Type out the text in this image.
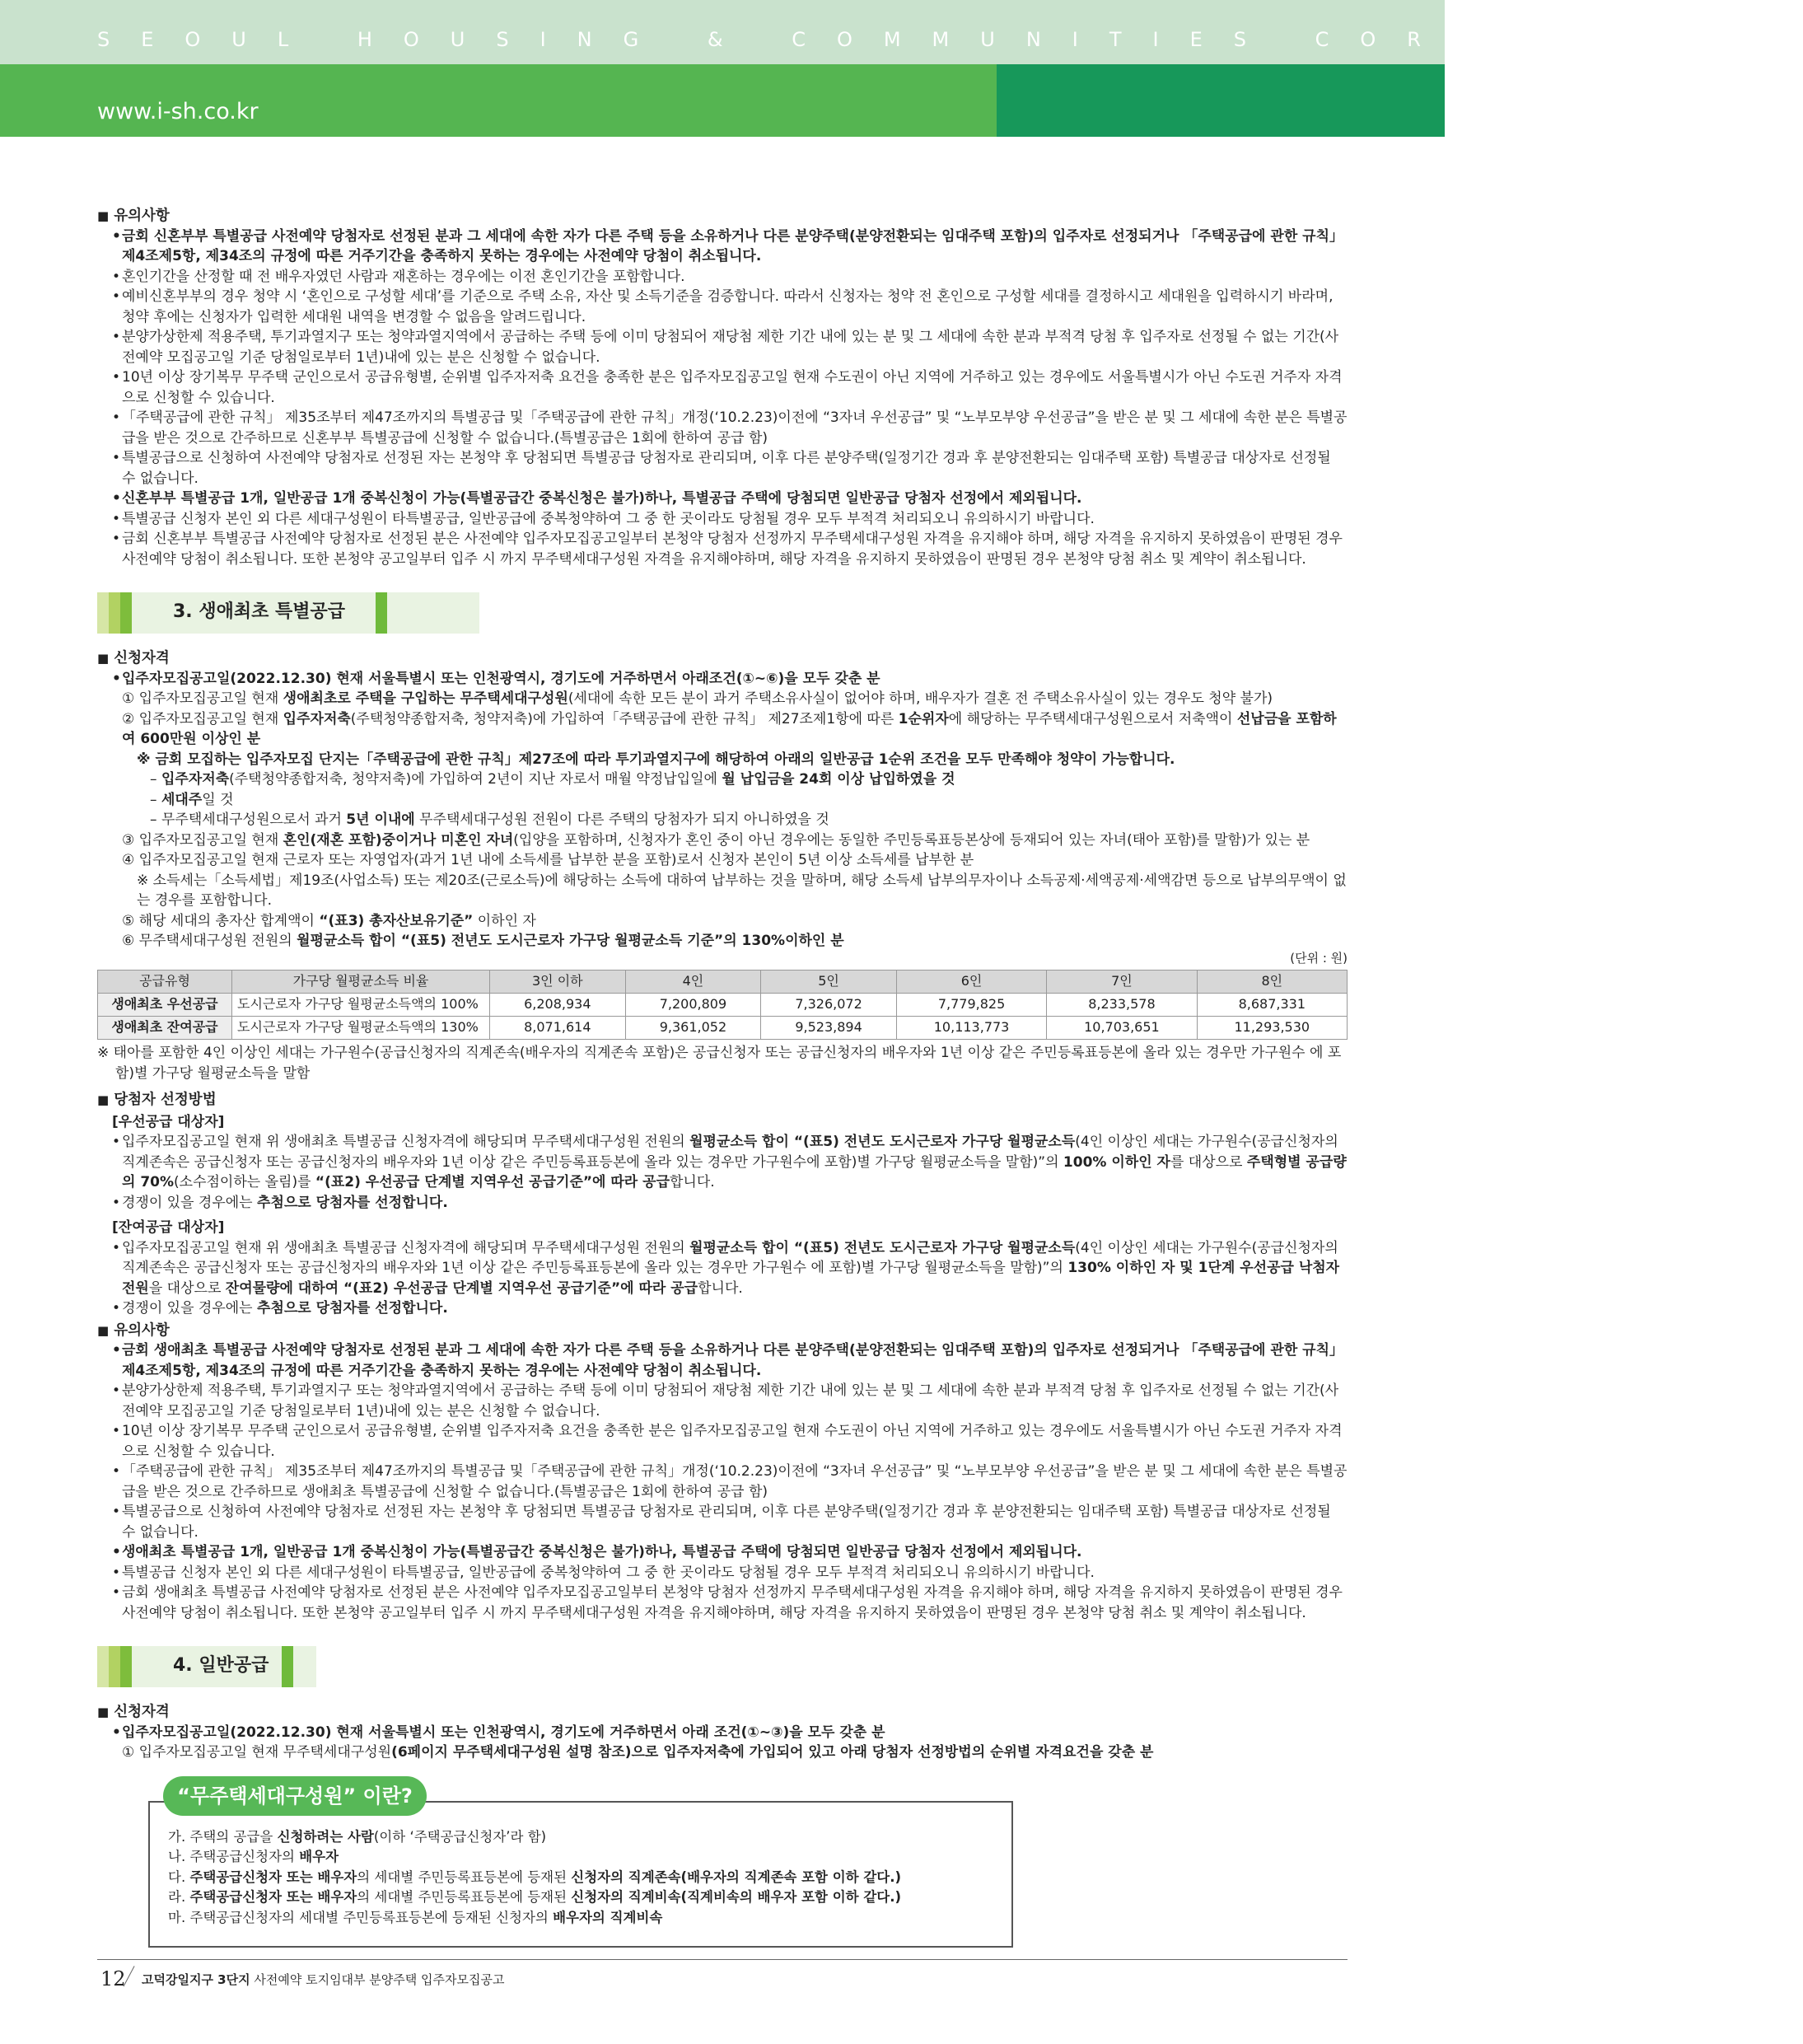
SEOUL HOUSING & COMMUNITIES CORPORATION
www.i-sh.co.kr
■ 유의사항
• 금회 신혼부부 특별공급 사전예약 당첨자로 선정된 분과 그 세대에 속한 자가 다른 주택 등을 소유하거나 다른 분양주택(분양전환되는 임대주택 포함)의 입주자로 선정되거나 「주택공급에 관한 규칙」제4조제5항, 제34조의 규정에 따른 거주기간을 충족하지 못하는 경우에는 사전예약 당첨이 취소됩니다.
• 혼인기간을 산정할 때 전 배우자였던 사람과 재혼하는 경우에는 이전 혼인기간을 포함합니다.
• 예비신혼부부의 경우 청약 시 ‘혼인으로 구성할 세대’를 기준으로 주택 소유, 자산 및 소득기준을 검증합니다. 따라서 신청자는 청약 전 혼인으로 구성할 세대를 결정하시고 세대원을 입력하시기 바라며, 청약 후에는 신청자가 입력한 세대원 내역을 변경할 수 없음을 알려드립니다.
• 분양가상한제 적용주택, 투기과열지구 또는 청약과열지역에서 공급하는 주택 등에 이미 당첨되어 재당첨 제한 기간 내에 있는 분 및 그 세대에 속한 분과 부적격 당첨 후 입주자로 선정될 수 없는 기간(사전예약 모집공고일 기준 당첨일로부터 1년)내에 있는 분은 신청할 수 없습니다.
• 10년 이상 장기복무 무주택 군인으로서 공급유형별, 순위별 입주자저축 요건을 충족한 분은 입주자모집공고일 현재 수도권이 아닌 지역에 거주하고 있는 경우에도 서울특별시가 아닌 수도권 거주자 자격으로 신청할 수 있습니다.
• 「주택공급에 관한 규칙」 제35조부터 제47조까지의 특별공급 및「주택공급에 관한 규칙」개정(‘10.2.23)이전에 “3자녀 우선공급” 및 “노부모부양 우선공급”을 받은 분 및 그 세대에 속한 분은 특별공급을 받은 것으로 간주하므로 신혼부부 특별공급에 신청할 수 없습니다.(특별공급은 1회에 한하여 공급 함)
• 특별공급으로 신청하여 사전예약 당첨자로 선정된 자는 본청약 후 당첨되면 특별공급 당첨자로 관리되며, 이후 다른 분양주택(일정기간 경과 후 분양전환되는 임대주택 포함) 특별공급 대상자로 선정될 수 없습니다.
• 신혼부부 특별공급 1개, 일반공급 1개 중복신청이 가능(특별공급간 중복신청은 불가)하나, 특별공급 주택에 당첨되면 일반공급 당첨자 선정에서 제외됩니다.
• 특별공급 신청자 본인 외 다른 세대구성원이 타특별공급, 일반공급에 중복청약하여 그 중 한 곳이라도 당첨될 경우 모두 부적격 처리되오니 유의하시기 바랍니다.
• 금회 신혼부부 특별공급 사전예약 당첨자로 선정된 분은 사전예약 입주자모집공고일부터 본청약 당첨자 선정까지 무주택세대구성원 자격을 유지해야 하며, 해당 자격을 유지하지 못하였음이 판명된 경우 사전예약 당첨이 취소됩니다. 또한 본청약 공고일부터 입주 시 까지 무주택세대구성원 자격을 유지해야하며, 해당 자격을 유지하지 못하였음이 판명된 경우 본청약 당첨 취소 및 계약이 취소됩니다.
3. 생애최초 특별공급
■ 신청자격
• 입주자모집공고일(2022.12.30) 현재 서울특별시 또는 인천광역시, 경기도에 거주하면서 아래조건(①~⑥)을 모두 갖춘 분
① 입주자모집공고일 현재 생애최초로 주택을 구입하는 무주택세대구성원(세대에 속한 모든 분이 과거 주택소유사실이 없어야 하며, 배우자가 결혼 전 주택소유사실이 있는 경우도 청약 불가)
② 입주자모집공고일 현재 입주자저축(주택청약종합저축, 청약저축)에 가입하여「주택공급에 관한 규칙」 제27조제1항에 따른 1순위자에 해당하는 무주택세대구성원으로서 저축액이 선납금을 포함하여 600만원 이상인 분
※ 금회 모집하는 입주자모집 단지는「주택공급에 관한 규칙」제27조에 따라 투기과열지구에 해당하여 아래의 일반공급 1순위 조건을 모두 만족해야 청약이 가능합니다.
– 입주자저축(주택청약종합저축, 청약저축)에 가입하여 2년이 지난 자로서 매월 약정납입일에 월 납입금을 24회 이상 납입하였을 것
– 세대주일 것
– 무주택세대구성원으로서 과거 5년 이내에 무주택세대구성원 전원이 다른 주택의 당첨자가 되지 아니하였을 것
③ 입주자모집공고일 현재 혼인(재혼 포함)중이거나 미혼인 자녀(입양을 포함하며, 신청자가 혼인 중이 아닌 경우에는 동일한 주민등록표등본상에 등재되어 있는 자녀(태아 포함)를 말함)가 있는 분
④ 입주자모집공고일 현재 근로자 또는 자영업자(과거 1년 내에 소득세를 납부한 분을 포함)로서 신청자 본인이 5년 이상 소득세를 납부한 분
※ 소득세는「소득세법」제19조(사업소득) 또는 제20조(근로소득)에 해당하는 소득에 대하여 납부하는 것을 말하며, 해당 소득세 납부의무자이나 소득공제·세액공제·세액감면 등으로 납부의무액이 없는 경우를 포함합니다.
⑤ 해당 세대의 총자산 합계액이 “(표3) 총자산보유기준” 이하인 자
⑥ 무주택세대구성원 전원의 월평균소득 합이 “(표5) 전년도 도시근로자 가구당 월평균소득 기준”의 130%이하인 분
(단위 : 원)
공급유형	가구당 월평균소득 비율	3인 이하	4인	5인	6인	7인	8인
생애최초 우선공급	도시근로자 가구당 월평균소득액의 100%	6,208,934	7,200,809	7,326,072	7,779,825	8,233,578	8,687,331
생애최초 잔여공급	도시근로자 가구당 월평균소득액의 130%	8,071,614	9,361,052	9,523,894	10,113,773	10,703,651	11,293,530
※ 태아를 포함한 4인 이상인 세대는 가구원수(공급신청자의 직계존속(배우자의 직계존속 포함)은 공급신청자 또는 공급신청자의 배우자와 1년 이상 같은 주민등록표등본에 올라 있는 경우만 가구원수 에 포함)별 가구당 월평균소득을 말함
■ 당첨자 선정방법
[우선공급 대상자]
• 입주자모집공고일 현재 위 생애최초 특별공급 신청자격에 해당되며 무주택세대구성원 전원의 월평균소득 합이 “(표5) 전년도 도시근로자 가구당 월평균소득(4인 이상인 세대는 가구원수(공급신청자의 직계존속은 공급신청자 또는 공급신청자의 배우자와 1년 이상 같은 주민등록표등본에 올라 있는 경우만 가구원수에 포함)별 가구당 월평균소득을 말함)”의 100% 이하인 자를 대상으로 주택형별 공급량의 70%(소수점이하는 올림)를 “(표2) 우선공급 단계별 지역우선 공급기준”에 따라 공급합니다.
• 경쟁이 있을 경우에는 추첨으로 당첨자를 선정합니다.
[잔여공급 대상자]
• 입주자모집공고일 현재 위 생애최초 특별공급 신청자격에 해당되며 무주택세대구성원 전원의 월평균소득 합이 “(표5) 전년도 도시근로자 가구당 월평균소득(4인 이상인 세대는 가구원수(공급신청자의 직계존속은 공급신청자 또는 공급신청자의 배우자와 1년 이상 같은 주민등록표등본에 올라 있는 경우만 가구원수 에 포함)별 가구당 월평균소득을 말함)”의 130% 이하인 자 및 1단계 우선공급 낙첨자 전원을 대상으로 잔여물량에 대하여 “(표2) 우선공급 단계별 지역우선 공급기준”에 따라 공급합니다.
• 경쟁이 있을 경우에는 추첨으로 당첨자를 선정합니다.
■ 유의사항
• 금회 생애최초 특별공급 사전예약 당첨자로 선정된 분과 그 세대에 속한 자가 다른 주택 등을 소유하거나 다른 분양주택(분양전환되는 임대주택 포함)의 입주자로 선정되거나 「주택공급에 관한 규칙」제4조제5항, 제34조의 규정에 따른 거주기간을 충족하지 못하는 경우에는 사전예약 당첨이 취소됩니다.
• 분양가상한제 적용주택, 투기과열지구 또는 청약과열지역에서 공급하는 주택 등에 이미 당첨되어 재당첨 제한 기간 내에 있는 분 및 그 세대에 속한 분과 부적격 당첨 후 입주자로 선정될 수 없는 기간(사전예약 모집공고일 기준 당첨일로부터 1년)내에 있는 분은 신청할 수 없습니다.
• 10년 이상 장기복무 무주택 군인으로서 공급유형별, 순위별 입주자저축 요건을 충족한 분은 입주자모집공고일 현재 수도권이 아닌 지역에 거주하고 있는 경우에도 서울특별시가 아닌 수도권 거주자 자격으로 신청할 수 있습니다.
• 「주택공급에 관한 규칙」 제35조부터 제47조까지의 특별공급 및「주택공급에 관한 규칙」개정(‘10.2.23)이전에 “3자녀 우선공급” 및 “노부모부양 우선공급”을 받은 분 및 그 세대에 속한 분은 특별공급을 받은 것으로 간주하므로 생애최초 특별공급에 신청할 수 없습니다.(특별공급은 1회에 한하여 공급 함)
• 특별공급으로 신청하여 사전예약 당첨자로 선정된 자는 본청약 후 당첨되면 특별공급 당첨자로 관리되며, 이후 다른 분양주택(일정기간 경과 후 분양전환되는 임대주택 포함) 특별공급 대상자로 선정될 수 없습니다.
• 생애최초 특별공급 1개, 일반공급 1개 중복신청이 가능(특별공급간 중복신청은 불가)하나, 특별공급 주택에 당첨되면 일반공급 당첨자 선정에서 제외됩니다.
• 특별공급 신청자 본인 외 다른 세대구성원이 타특별공급, 일반공급에 중복청약하여 그 중 한 곳이라도 당첨될 경우 모두 부적격 처리되오니 유의하시기 바랍니다.
• 금회 생애최초 특별공급 사전예약 당첨자로 선정된 분은 사전예약 입주자모집공고일부터 본청약 당첨자 선정까지 무주택세대구성원 자격을 유지해야 하며, 해당 자격을 유지하지 못하였음이 판명된 경우 사전예약 당첨이 취소됩니다. 또한 본청약 공고일부터 입주 시 까지 무주택세대구성원 자격을 유지해야하며, 해당 자격을 유지하지 못하였음이 판명된 경우 본청약 당첨 취소 및 계약이 취소됩니다.
4. 일반공급
■ 신청자격
• 입주자모집공고일(2022.12.30) 현재 서울특별시 또는 인천광역시, 경기도에 거주하면서 아래 조건(①~③)을 모두 갖춘 분
① 입주자모집공고일 현재 무주택세대구성원(6페이지 무주택세대구성원 설명 참조)으로 입주자저축에 가입되어 있고 아래 당첨자 선정방법의 순위별 자격요건을 갖춘 분
“무주택세대구성원” 이란?
가. 주택의 공급을 신청하려는 사람(이하 ‘주택공급신청자’라 함)
나. 주택공급신청자의 배우자
다. 주택공급신청자 또는 배우자의 세대별 주민등록표등본에 등재된 신청자의 직계존속(배우자의 직계존속 포함 이하 같다.)
라. 주택공급신청자 또는 배우자의 세대별 주민등록표등본에 등재된 신청자의 직계비속(직계비속의 배우자 포함 이하 같다.)
마. 주택공급신청자의 세대별 주민등록표등본에 등재된 신청자의 배우자의 직계비속
12 고덕강일지구 3단지 사전예약 토지임대부 분양주택 입주자모집공고
